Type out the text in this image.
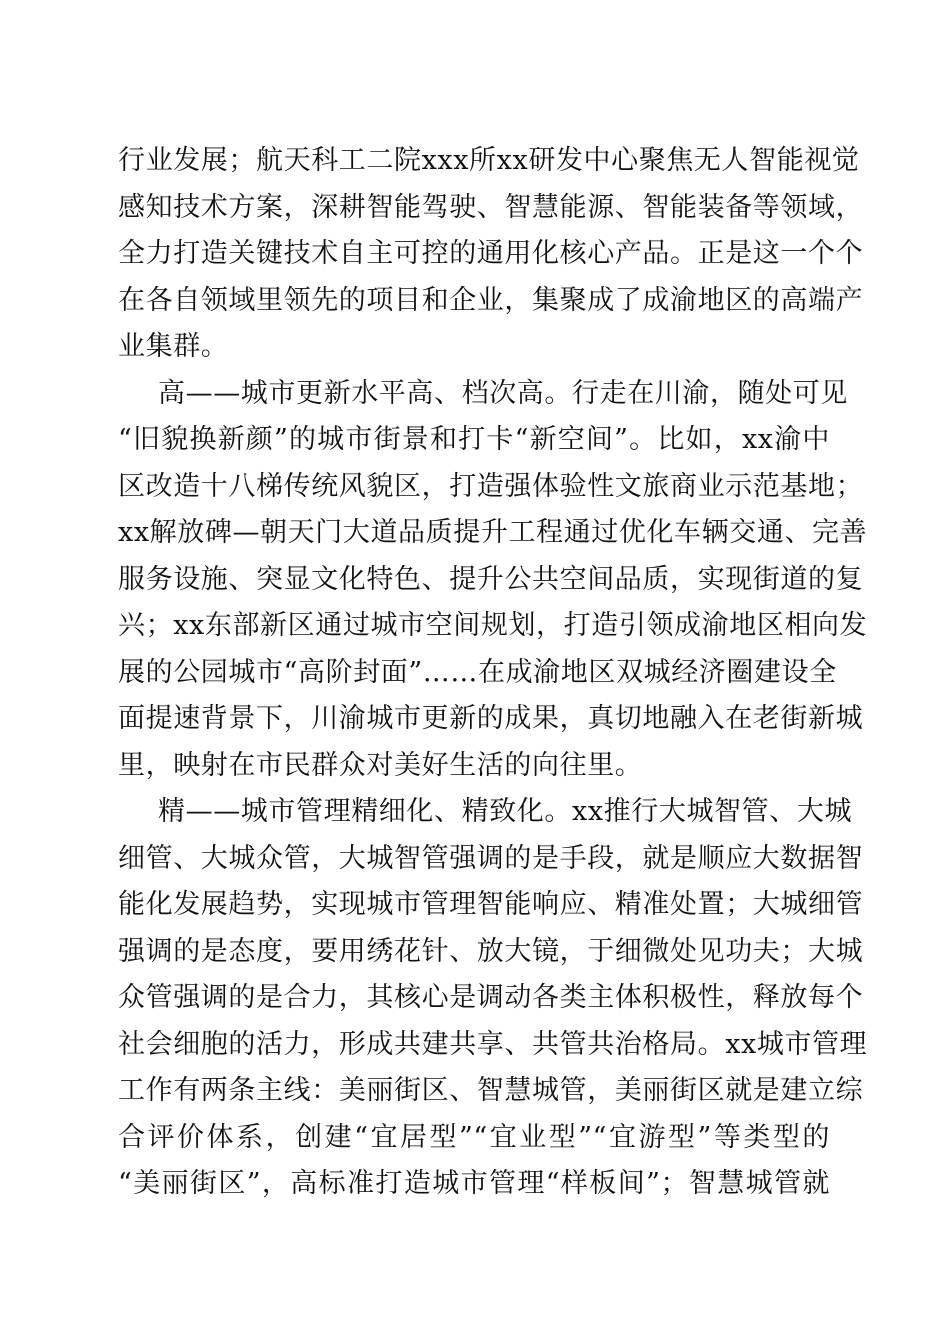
行业发展；航天科工二院xxx所xx研发中心聚焦无人智能视觉
感知技术方案，深耕智能驾驶、智慧能源、智能装备等领域，
全力打造关键技术自主可控的通用化核心产品。正是这一个个
在各自领域里领先的项目和企业，集聚成了成渝地区的高端产
业集群。
高——城市更新水平高、档次高。行走在川渝，随处可见
“旧貌换新颜”的城市街景和打卡“新空间”。比如，xx渝中
区改造十八梯传统风貌区，打造强体验性文旅商业示范基地；
xx解放碑—朝天门大道品质提升工程通过优化车辆交通、完善
服务设施、突显文化特色、提升公共空间品质，实现街道的复
兴；xx东部新区通过城市空间规划，打造引领成渝地区相向发
展的公园城市“高阶封面”……在成渝地区双城经济圈建设全
面提速背景下，川渝城市更新的成果，真切地融入在老街新城
里，映射在市民群众对美好生活的向往里。
精——城市管理精细化、精致化。xx推行大城智管、大城
细管、大城众管，大城智管强调的是手段，就是顺应大数据智
能化发展趋势，实现城市管理智能响应、精准处置；大城细管
强调的是态度，要用绣花针、放大镜，于细微处见功夫；大城
众管强调的是合力，其核心是调动各类主体积极性，释放每个
社会细胞的活力，形成共建共享、共管共治格局。xx城市管理
工作有两条主线：美丽街区、智慧城管，美丽街区就是建立综
合评价体系，创建“宜居型”“宜业型”“宜游型”等类型的
“美丽街区”，高标准打造城市管理“样板间”；智慧城管就
